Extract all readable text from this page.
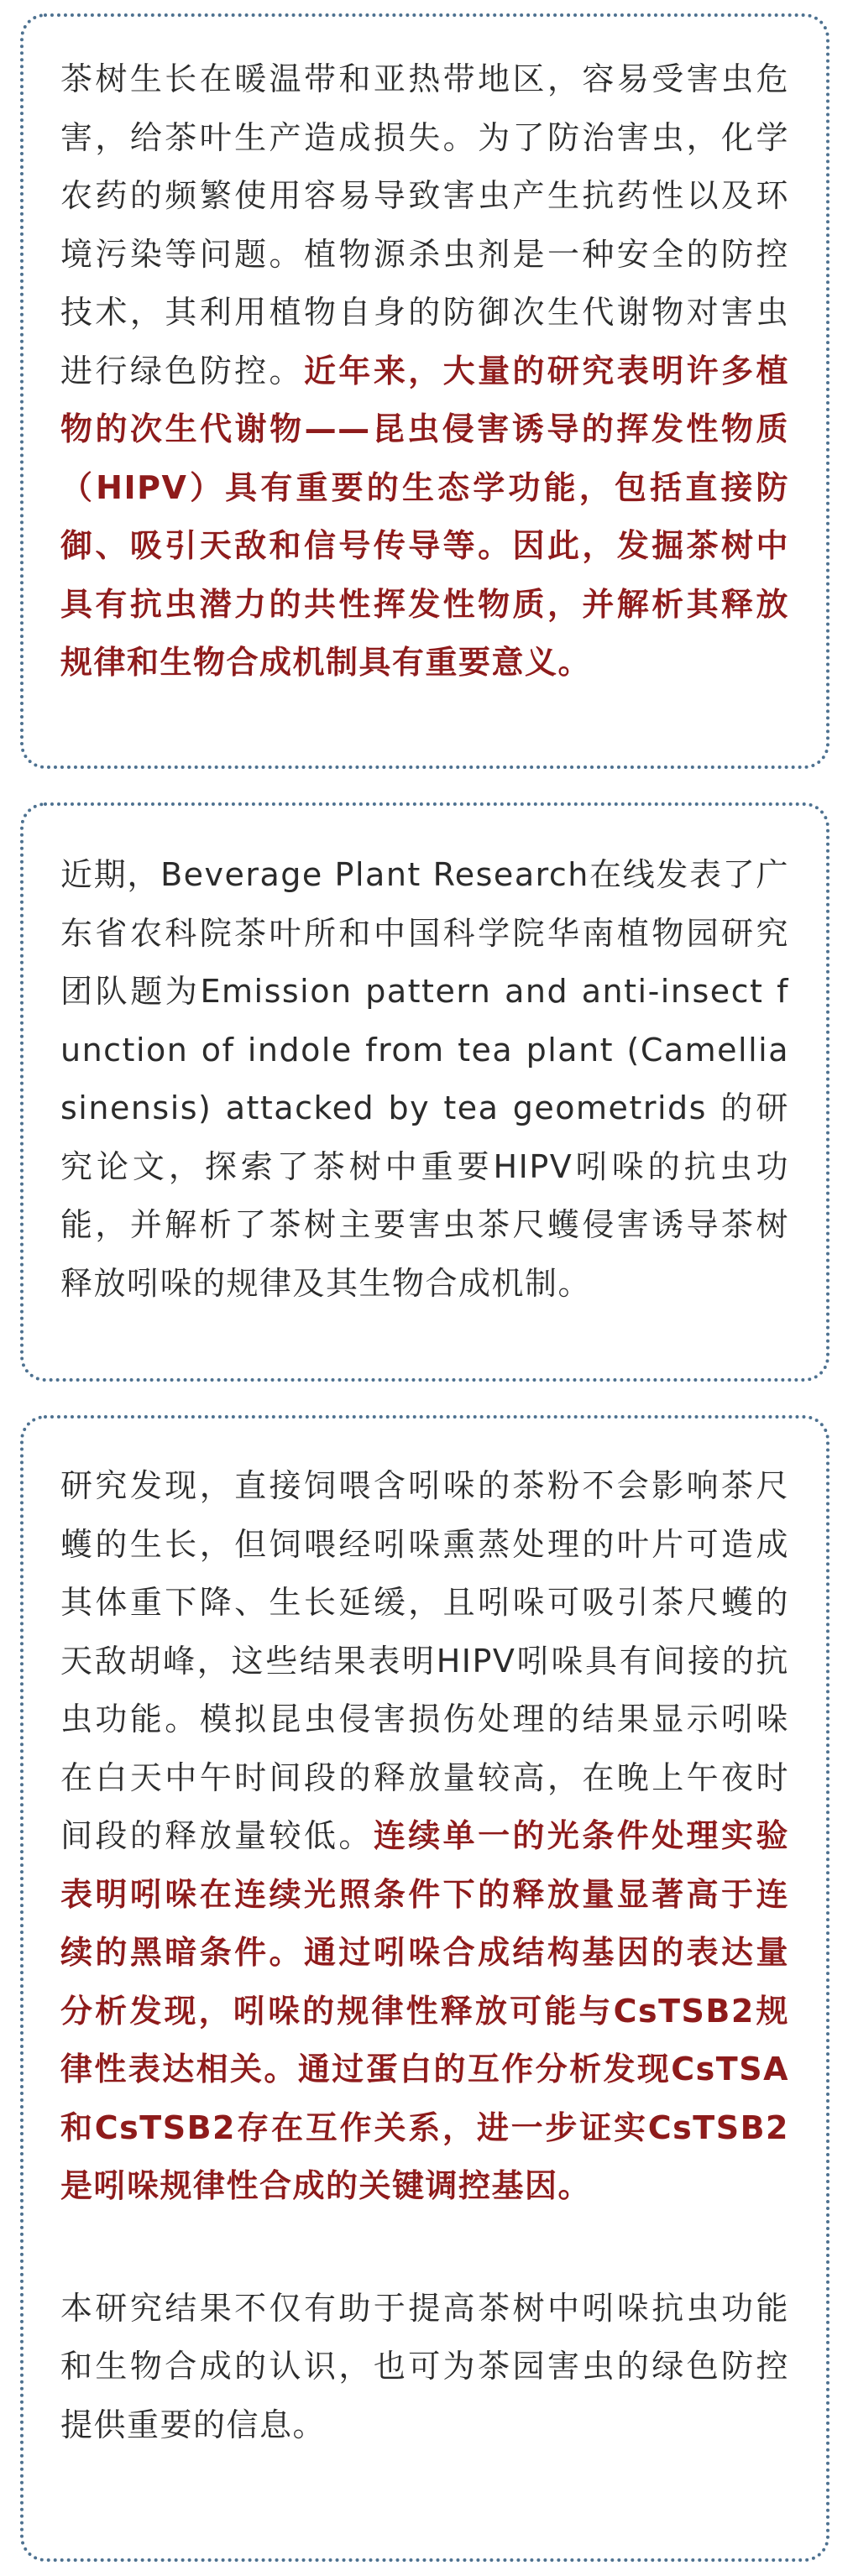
茶树生长在暖温带和亚热带地区，容易受害虫危害，给茶叶生产造成损失。为了防治害虫，化学农药的频繁使用容易导致害虫产生抗药性以及环境污染等问题。植物源杀虫剂是一种安全的防控技术，其利用植物自身的防御次生代谢物对害虫进行绿色防控。近年来，大量的研究表明许多植物的次生代谢物——昆虫侵害诱导的挥发性物质（HIPV）具有重要的生态学功能，包括直接防御、吸引天敌和信号传导等。因此，发掘茶树中具有抗虫潜力的共性挥发性物质，并解析其释放规律和生物合成机制具有重要意义。

近期，Beverage Plant Research在线发表了广东省农科院茶叶所和中国科学院华南植物园研究团队题为Emission pattern and anti-insect function of indole from tea plant (Camellia sinensis) attacked by tea geometrids 的研究论文，探索了茶树中重要HIPV吲哚的抗虫功能，并解析了茶树主要害虫茶尺蠖侵害诱导茶树释放吲哚的规律及其生物合成机制。

研究发现，直接饲喂含吲哚的茶粉不会影响茶尺蠖的生长，但饲喂经吲哚熏蒸处理的叶片可造成其体重下降、生长延缓，且吲哚可吸引茶尺蠖的天敌胡峰，这些结果表明HIPV吲哚具有间接的抗虫功能。模拟昆虫侵害损伤处理的结果显示吲哚在白天中午时间段的释放量较高，在晚上午夜时间段的释放量较低。连续单一的光条件处理实验表明吲哚在连续光照条件下的释放量显著高于连续的黑暗条件。通过吲哚合成结构基因的表达量分析发现，吲哚的规律性释放可能与CsTSB2规律性表达相关。通过蛋白的互作分析发现CsTSA和CsTSB2存在互作关系，进一步证实CsTSB2是吲哚规律性合成的关键调控基因。

本研究结果不仅有助于提高茶树中吲哚抗虫功能和生物合成的认识，也可为茶园害虫的绿色防控提供重要的信息。
